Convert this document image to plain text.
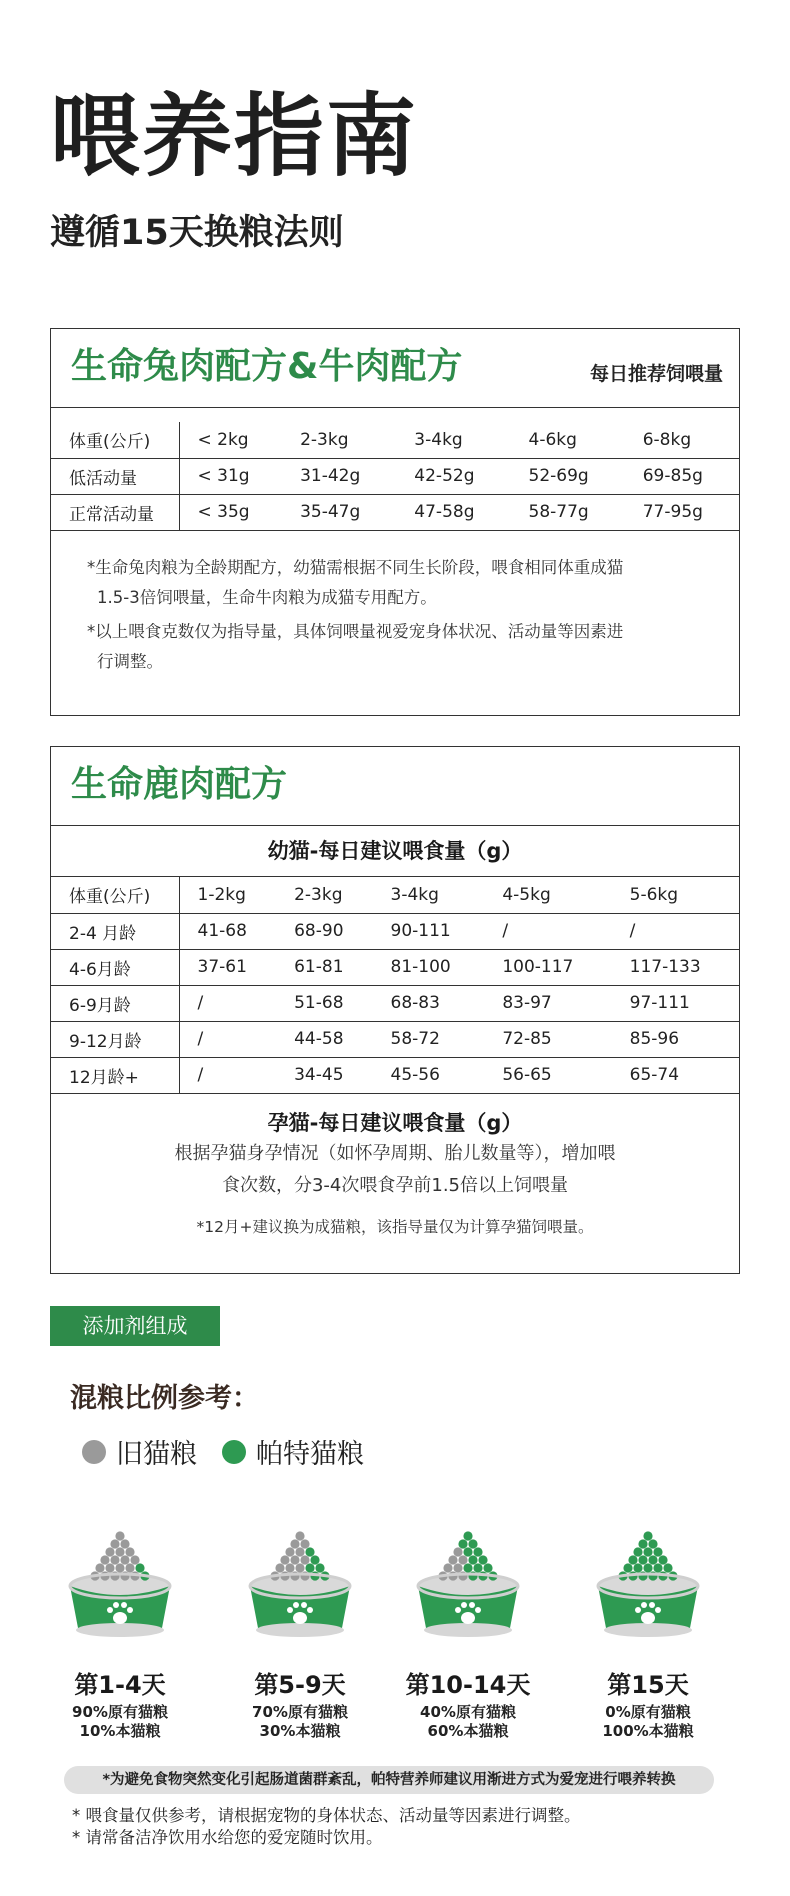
喂养指南
遵循15天换粮法则
生命兔肉配方&牛肉配方	每日推荐饲喂量
体重(公斤)	< 2kg	2-3kg	3-4kg	4-6kg	6-8kg
低活动量	< 31g	31-42g	42-52g	52-69g	69-85g
正常活动量	< 35g	35-47g	47-58g	58-77g	77-95g
*生命兔肉粮为全龄期配方，幼猫需根据不同生长阶段，喂食相同体重成猫
1.5-3倍饲喂量，生命牛肉粮为成猫专用配方。
*以上喂食克数仅为指导量，具体饲喂量视爱宠身体状况、活动量等因素进
行调整。
生命鹿肉配方
幼猫-每日建议喂食量（g）
体重(公斤)	1-2kg	2-3kg	3-4kg	4-5kg	5-6kg
2-4 月龄	41-68	68-90	90-111	/	/
4-6月龄	37-61	61-81	81-100	100-117	117-133
6-9月龄	/	51-68	68-83	83-97	97-111
9-12月龄	/	44-58	58-72	72-85	85-96
12月龄+	/	34-45	45-56	56-65	65-74
孕猫-每日建议喂食量（g）
根据孕猫身孕情况（如怀孕周期、胎儿数量等），增加喂
食次数，分3-4次喂食孕前1.5倍以上饲喂量
*12月+建议换为成猫粮，该指导量仅为计算孕猫饲喂量。
添加剂组成
混粮比例参考：
旧猫粮 帕特猫粮
第1-4天
90%原有猫粮
10%本猫粮
第5-9天
70%原有猫粮
30%本猫粮
第10-14天
40%原有猫粮
60%本猫粮
第15天
0%原有猫粮
100%本猫粮
*为避免食物突然变化引起肠道菌群紊乱，帕特营养师建议用渐进方式为爱宠进行喂养转换
* 喂食量仅供参考，请根据宠物的身体状态、活动量等因素进行调整。
* 请常备洁净饮用水给您的爱宠随时饮用。
